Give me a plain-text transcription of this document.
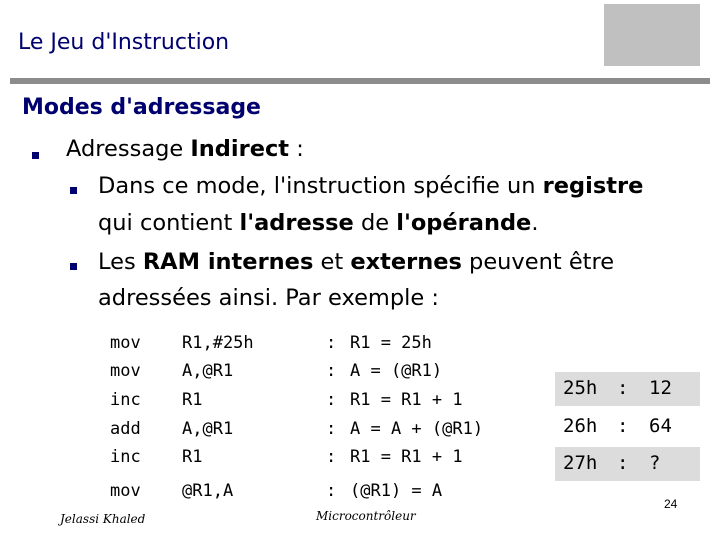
Le Jeu d'Instruction
Modes d'adressage
Adressage Indirect :
Dans ce mode, l'instruction spécifie un registre
qui contient l'adresse de l'opérande.
Les RAM internes et externes peuvent être
adressées ainsi. Par exemple :
mov R1,#25h	: R1 = 25h
mov A,@R1	: A = (@R1)
inc R1	: R1 = R1 + 1
add A,@R1	: A = A + (@R1)
inc R1	: R1 = R1 + 1
mov @R1,A	: (@R1) = A
25h : 12
26h : 64
27h : ?
Jelassi Khaled	Microcontrôleur
24
